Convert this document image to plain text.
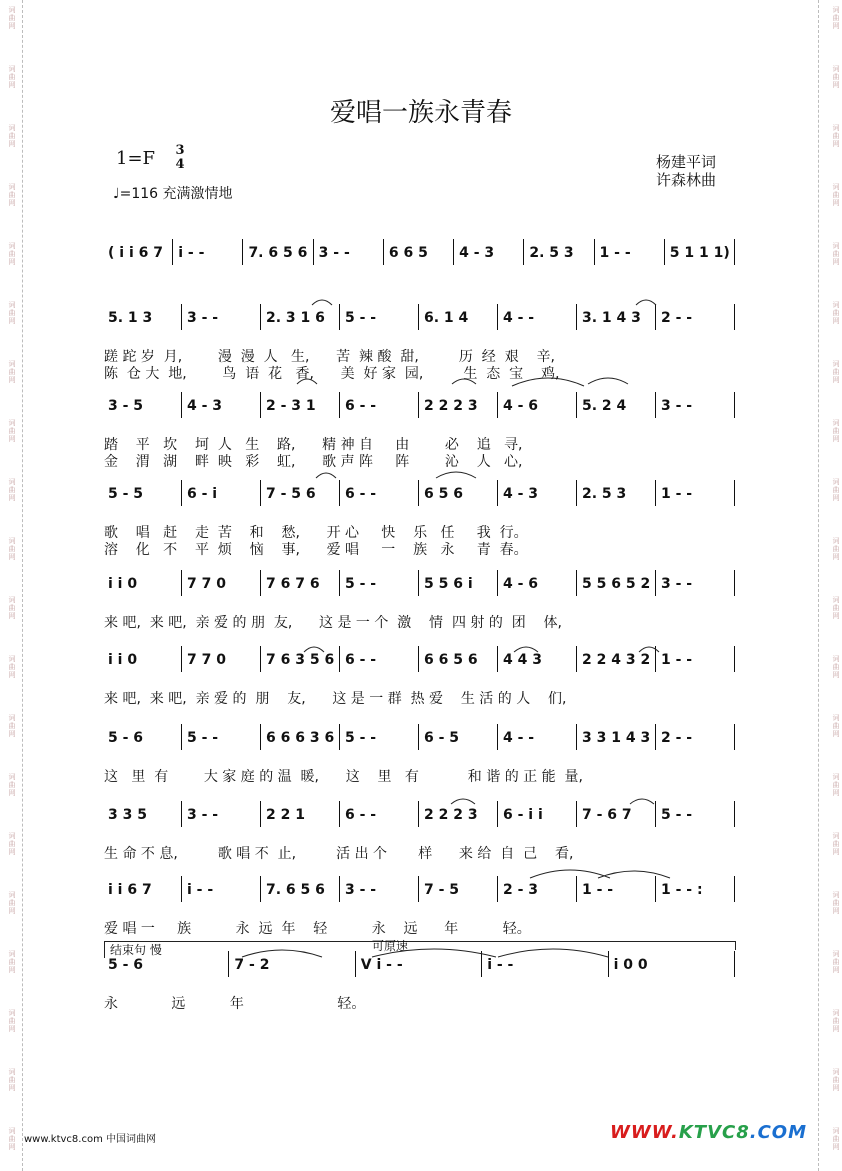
词曲网
词曲网
词曲网
词曲网
词曲网
词曲网
词曲网
词曲网
词曲网
词曲网
词曲网
词曲网
词曲网
词曲网
词曲网
词曲网
词曲网
词曲网
词曲网
词曲网
词曲网
词曲网
词曲网
词曲网
词曲网
词曲网
词曲网
词曲网
词曲网
词曲网
词曲网
词曲网
词曲网
词曲网
词曲网
词曲网
词曲网
词曲网
词曲网
词曲网
爱唱一族永青春
1=F 3
4
♩=116 充满激情地
杨建平词
许森林曲
( i i 6 7 i - -	7. 6 5 6 3 - -	6 6 5 4 - 3	2. 5 3 1 - -	5 1 1 1)
5. 1 3 3 - -	2. 3 1 6 5 - -	6. 1 4 4 - -	3. 1 4 3 2 - -
蹉 跎 岁  月,        漫  漫  人   生,      苦  辣 酸  甜,         历  经  艰    辛,
陈  仓 大  地,        鸟  语  花   香,      美  好 家  园,         生  态  宝    鸡,
3 - 5	4 - 3	2 - 3 1 6 - -	2 2 2 3 4 - 6	5. 2 4 3 - -
踏    平   坎    坷  人   生    路,      精 神 自     由        必    追   寻,
金    渭   湖    畔  映   彩    虹,      歌 声 阵     阵        沁    人   心,
5 - 5	6 - i	7 - 5 6 6 - -	6 5 6	4 - 3	2. 5 3 1 - -
歌    唱   赶    走  苦    和    愁,      开 心     快    乐   任     我  行。
溶    化   不    平  烦    恼    事,      爱 唱     一    族   永     青  春。
i i 0	7 7 0	7 6 7 6 5 - -	5 5 6 i 4 - 6	5 5 6 5 2 3 - -
来 吧,  来 吧,  亲 爱 的 朋  友,      这 是 一 个  激    情  四 射 的  团    体,
i i 0	7 7 0	7 6 3 5 6 6 - -	6 6 5 6 4 4 3	2 2 4 3 2 1 - -
来 吧,  来 吧,  亲 爱 的  朋    友,      这 是 一 群  热 爱    生 活 的 人    们,
5 - 6	5 - -	6 6 6 3 6 5 - -	6 - 5	4 - -	3 3 1 4 3 2 - -
这   里  有        大 家 庭 的 温  暖,      这    里   有           和 谐 的 正 能  量,
3 3 5	3 - -	2 2 1	6 - -	2 2 2 3 6 - i i	7 - 6 7 5 - -
生 命 不 息,         歌 唱 不  止,         活 出 个       样      来 给  自  己    看,
i i 6 7	i - -	7. 6 5 6 3 - -	7 - 5	2 - 3	1 - -	1 - - :
爱 唱 一     族          永  远  年    轻          永    远      年          轻。
5 - 6	7 - 2	V i - -	i - -	i 0 0
永            远          年                     轻。
结束句 慢	可原速
www.ktvc8.com 中国词曲网	WWW.KTVC8.COM
